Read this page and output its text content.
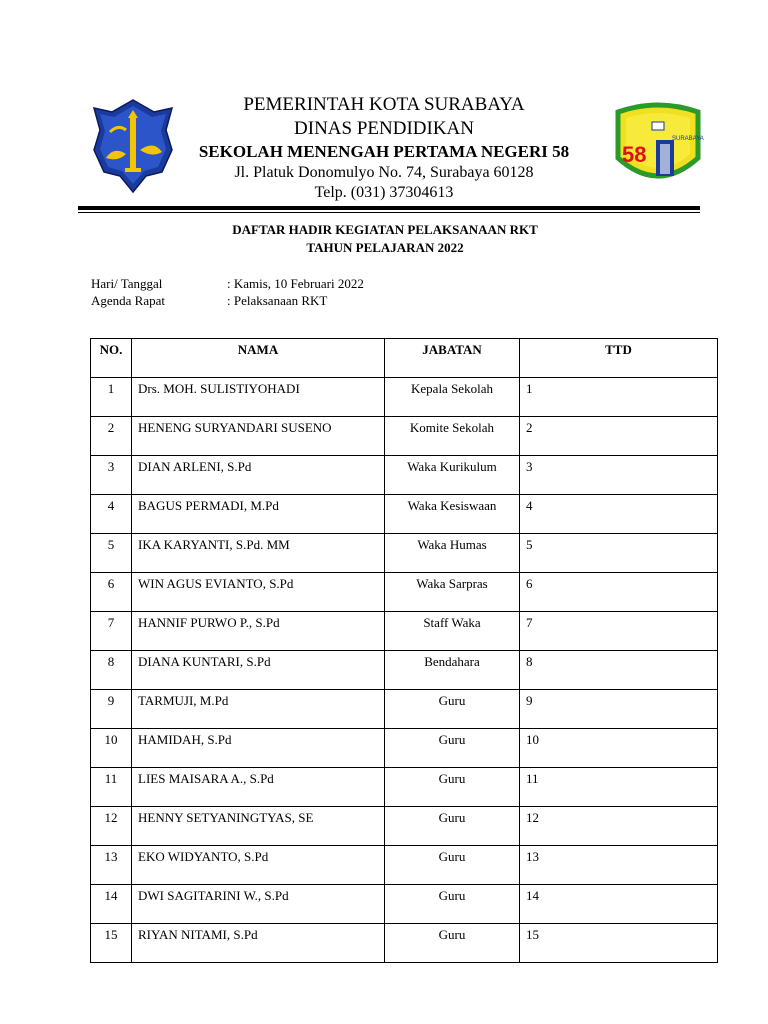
58
SURABAYA
PEMERINTAH KOTA SURABAYA
DINAS PENDIDIKAN
SEKOLAH MENENGAH PERTAMA NEGERI 58
Jl. Platuk Donomulyo No. 74, Surabaya 60128
Telp. (031) 37304613
DAFTAR HADIR KEGIATAN PELAKSANAAN RKT
TAHUN PELAJARAN 2022
Hari/ Tanggal	: Kamis, 10 Februari 2022
Agenda Rapat	: Pelaksanaan RKT
NO.	NAMA	JABATAN	TTD
1	Drs. MOH. SULISTIYOHADI	Kepala Sekolah	1
2	HENENG SURYANDARI SUSENO	Komite Sekolah	2
3	DIAN ARLENI, S.Pd	Waka Kurikulum	3
4	BAGUS PERMADI, M.Pd	Waka Kesiswaan	4
5	IKA KARYANTI, S.Pd. MM	Waka Humas	5
6	WIN AGUS EVIANTO, S.Pd	Waka Sarpras	6
7	HANNIF PURWO P., S.Pd	Staff Waka	7
8	DIANA KUNTARI, S.Pd	Bendahara	8
9	TARMUJI, M.Pd	Guru	9
10	HAMIDAH, S.Pd	Guru	10
11	LIES MAISARA A., S.Pd	Guru	11
12	HENNY SETYANINGTYAS, SE	Guru	12
13	EKO WIDYANTO, S.Pd	Guru	13
14	DWI SAGITARINI W., S.Pd	Guru	14
15	RIYAN NITAMI, S.Pd	Guru	15
